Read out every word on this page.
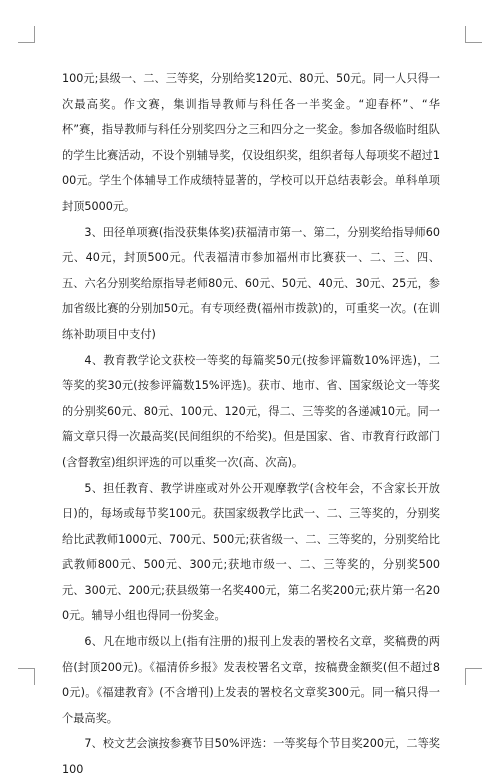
100元;县级一、二、三等奖，分别给奖120元、80元、50元。同一人只得一次最高奖。作文赛，集训指导教师与科任各一半奖金。“迎春杯”、“华杯”赛，指导教师与科任分别奖四分之三和四分之一奖金。参加各级临时组队的学生比赛活动，不设个别辅导奖，仅设组织奖，组织者每人每项奖不超过100元。学生个体辅导工作成绩特显著的，学校可以开总结表彰会。单科单项封顶5000元。

3、田径单项赛(指没获集体奖)获福清市第一、第二，分别奖给指导师60元、40元，封顶500元。代表福清市参加福州市比赛获一、二、三、四、五、六名分别奖给原指导老师80元、60元、50元、40元、30元、25元，参加省级比赛的分别加50元。有专项经费(福州市拨款)的，可重奖一次。(在训练补助项目中支付)

4、教育教学论文获校一等奖的每篇奖50元(按参评篇数10%评选)，二等奖的奖30元(按参评篇数15%评选)。获市、地市、省、国家级论文一等奖的分别奖60元、80元、100元、120元，得二、三等奖的各递减10元。同一篇文章只得一次最高奖(民间组织的不给奖)。但是国家、省、市教育行政部门(含督教室)组织评选的可以重奖一次(高、次高)。

5、担任教育、教学讲座或对外公开观摩教学(含校年会，不含家长开放日)的，每场或每节奖100元。获国家级教学比武一、二、三等奖的，分别奖给比武教师1000元、700元、500元;获省级一、二、三等奖的，分别奖给比武教师800元、500元、300元;获地市级一、二、三等奖的，分别奖500元、300元、200元;获县级第一名奖400元，第二名奖200元;获片第一名200元。辅导小组也得同一份奖金。

6、凡在地市级以上(指有注册的)报刊上发表的署校名文章，奖稿费的两倍(封顶200元)。《福清侨乡报》发表校署名文章，按稿费金额奖(但不超过80元)。《福建教育》(不含增刊)上发表的署校名文章奖300元。同一稿只得一个最高奖。

7、校文艺会演按参赛节目50%评选：一等奖每个节目奖200元，二等奖100
